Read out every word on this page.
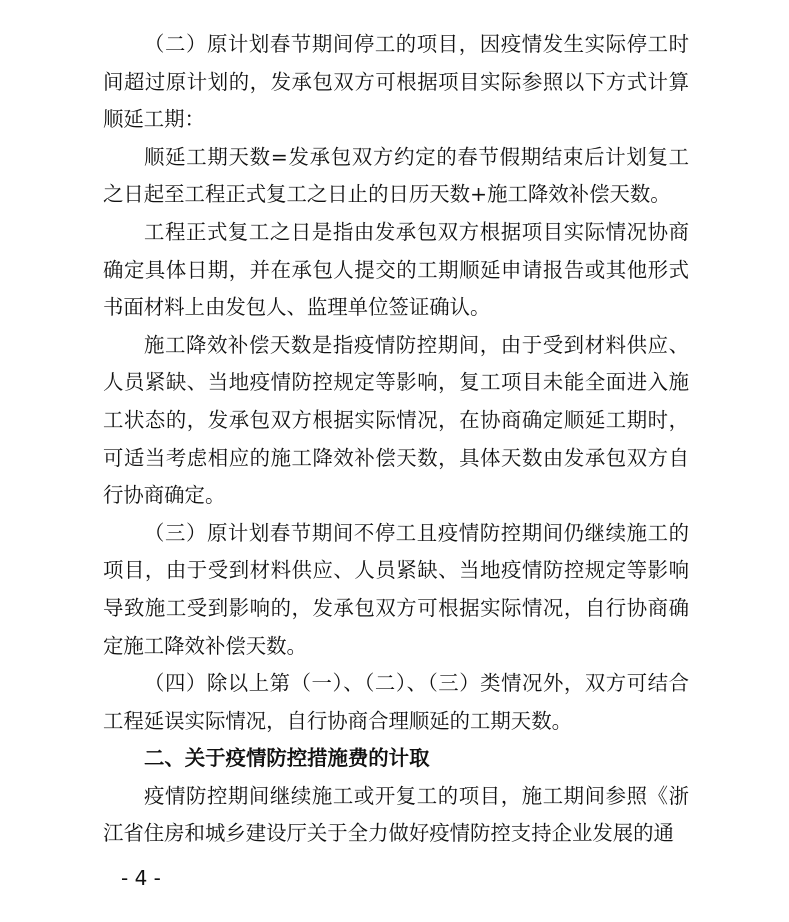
（二）原计划春节期间停工的项目，因疫情发生实际停工时间超过原计划的，发承包双方可根据项目实际参照以下方式计算顺延工期：

顺延工期天数=发承包双方约定的春节假期结束后计划复工之日起至工程正式复工之日止的日历天数+施工降效补偿天数。

工程正式复工之日是指由发承包双方根据项目实际情况协商确定具体日期，并在承包人提交的工期顺延申请报告或其他形式书面材料上由发包人、监理单位签证确认。

施工降效补偿天数是指疫情防控期间，由于受到材料供应、人员紧缺、当地疫情防控规定等影响，复工项目未能全面进入施工状态的，发承包双方根据实际情况，在协商确定顺延工期时，可适当考虑相应的施工降效补偿天数，具体天数由发承包双方自行协商确定。

（三）原计划春节期间不停工且疫情防控期间仍继续施工的项目，由于受到材料供应、人员紧缺、当地疫情防控规定等影响导致施工受到影响的，发承包双方可根据实际情况，自行协商确定施工降效补偿天数。

（四）除以上第（一）、（二）、（三）类情况外，双方可结合工程延误实际情况，自行协商合理顺延的工期天数。

二、关于疫情防控措施费的计取

疫情防控期间继续施工或开复工的项目，施工期间参照《浙江省住房和城乡建设厅关于全力做好疫情防控支持企业发展的通

- 4 -
